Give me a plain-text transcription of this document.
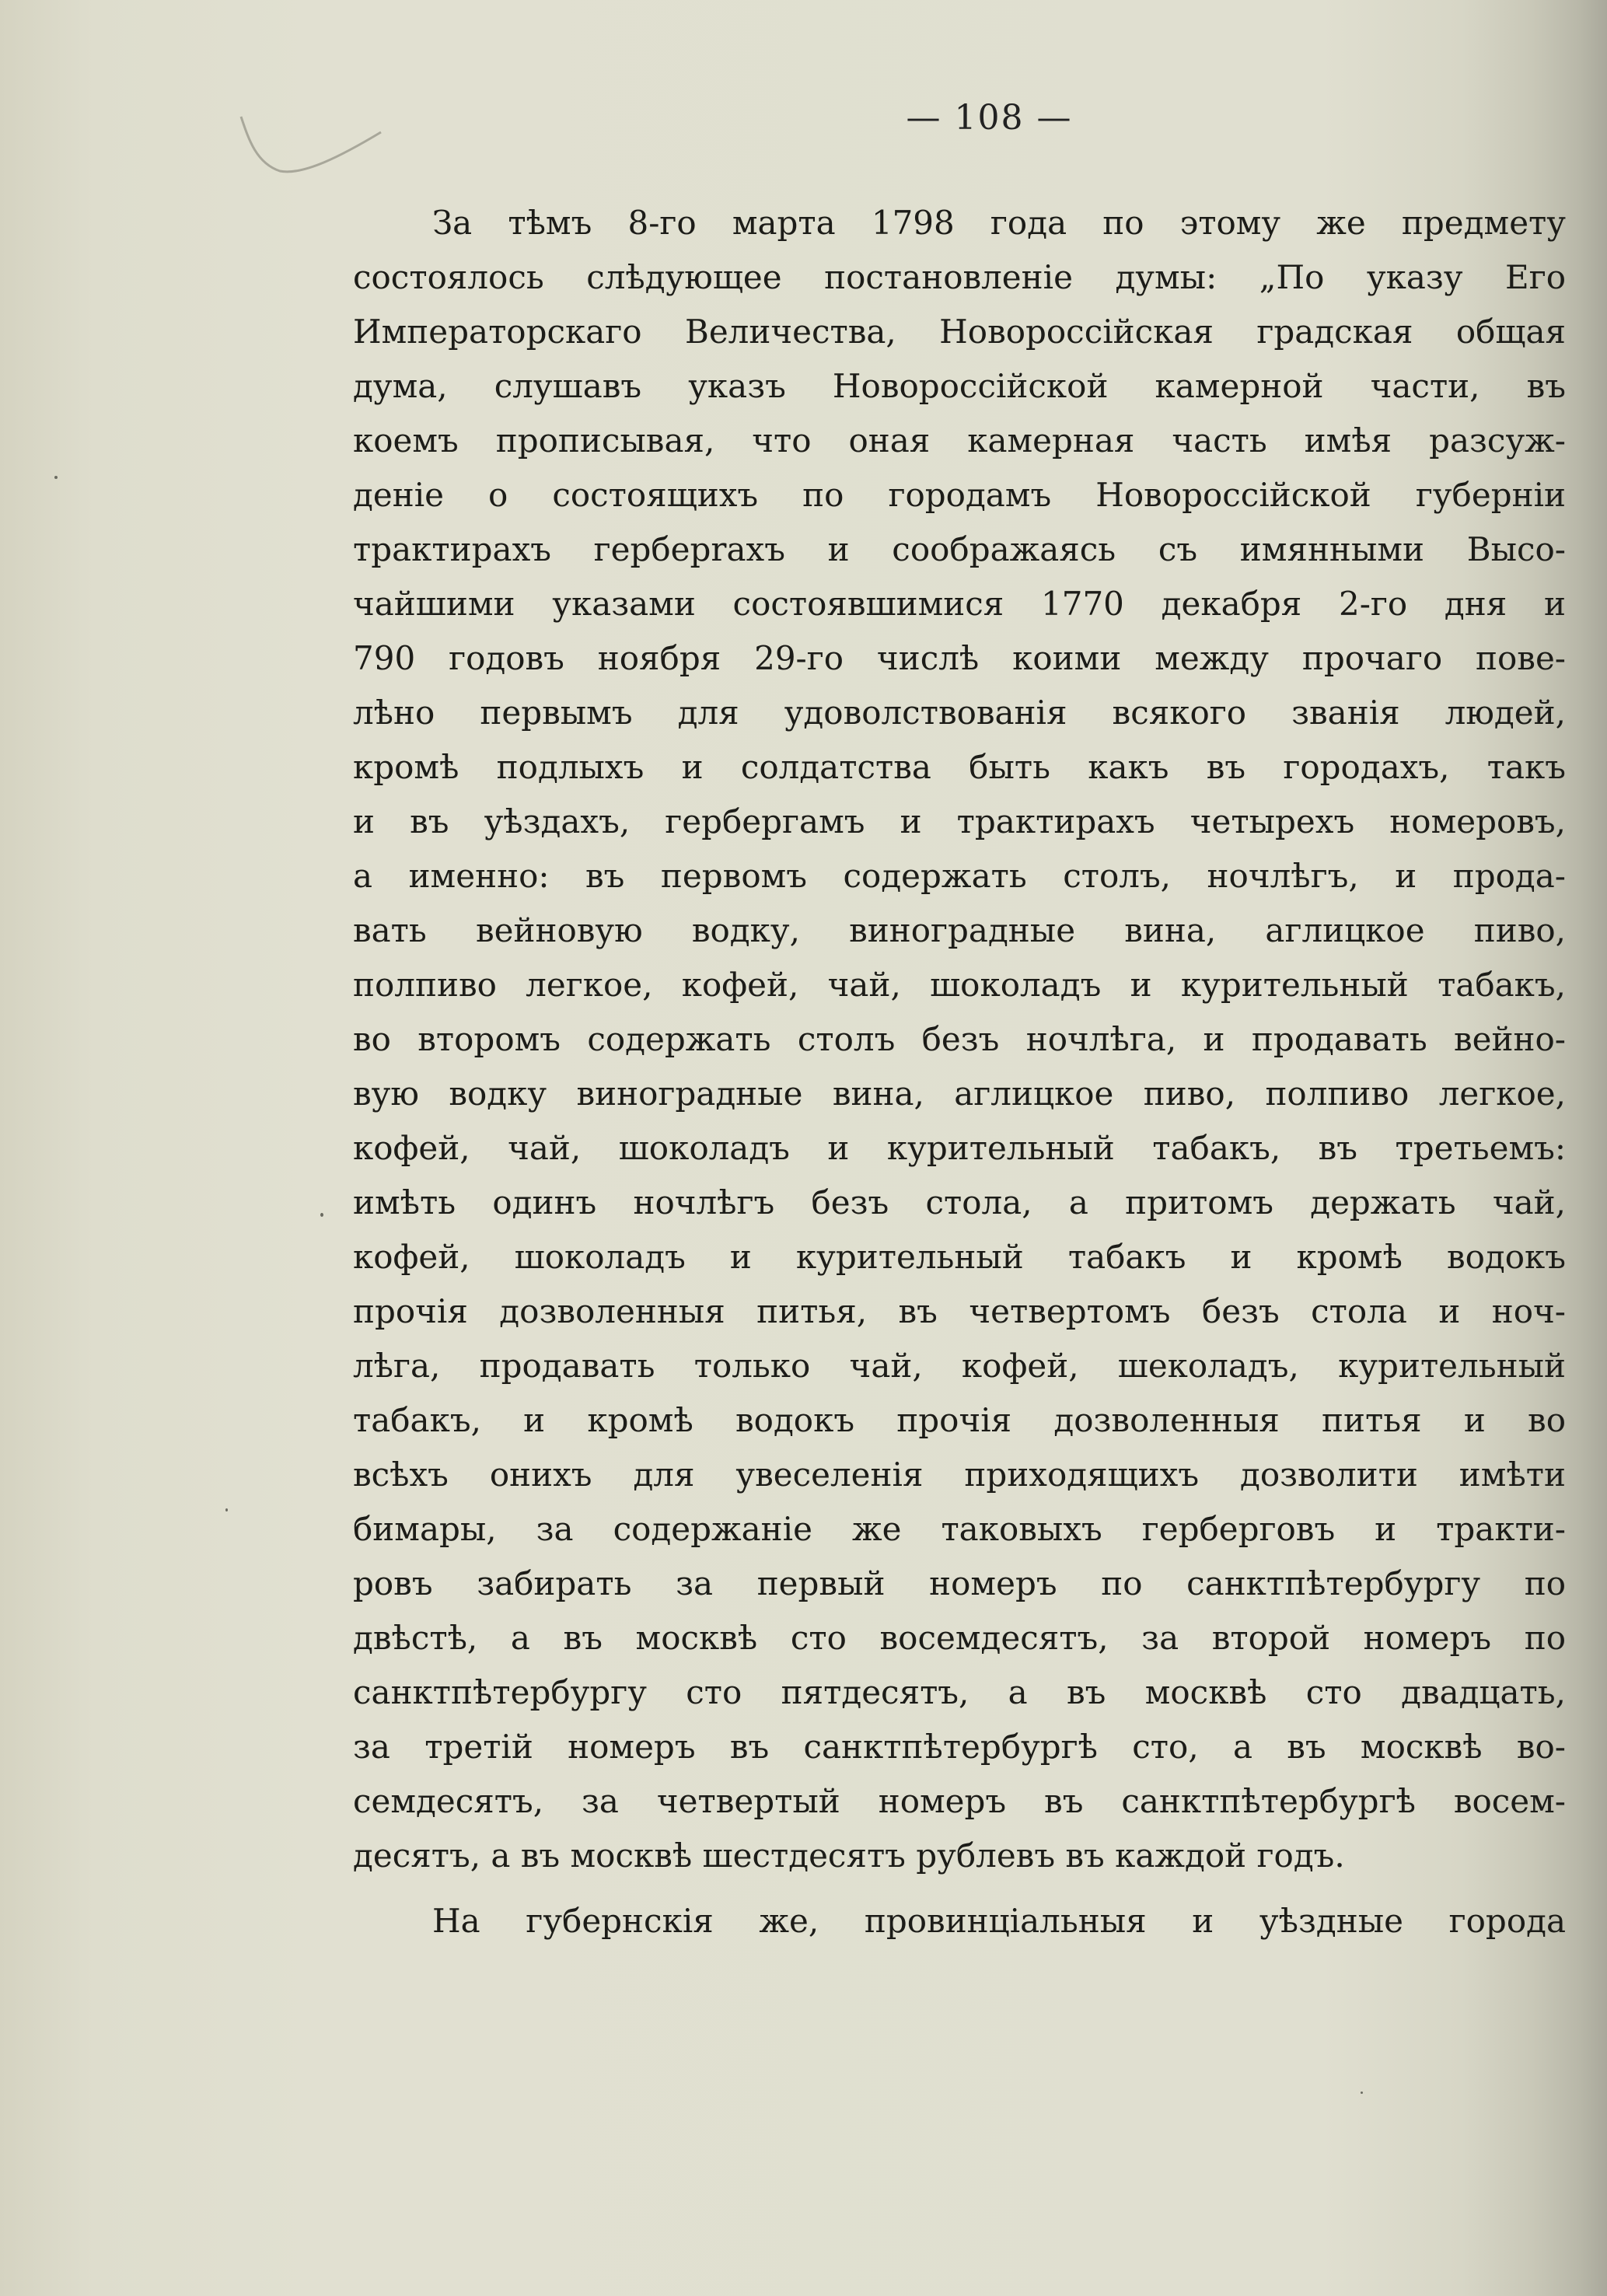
— 108 —
За тѣмъ 8-го марта 1798 года по этому же предмету
состоялось слѣдующее постановленіе думы: „По указу Его
Императорскаго Величества, Новороссійская градская общая
дума, слушавъ указъ Новороссійской камерной части, въ
коемъ прописывая, что оная камерная часть имѣя разсуж-
деніе о состоящихъ по городамъ Новороссійской губерніи
трактирахъ герберrахъ и соображаясь съ имянными Высо-
чайшими указами состоявшимися 1770 декабря 2-го дня и
790 годовъ ноября 29-го числѣ коими между прочаго пове-
лѣно первымъ для удоволствованія всякого званія людей,
кромѣ подлыхъ и солдатства быть какъ въ городахъ, такъ
и въ уѣздахъ, гербергамъ и трактирахъ четырехъ номеровъ,
а именно: въ первомъ содержать столъ, ночлѣгъ, и прода-
вать вейновую водку, виноградные вина, аглицкое пиво,
полпиво легкое, кофей, чай, шоколадъ и курительный табакъ,
во второмъ содержать столъ безъ ночлѣга, и продавать вейно-
вую водку виноградные вина, аглицкое пиво, полпиво легкое,
кофей, чай, шоколадъ и курительный табакъ, въ третьемъ:
имѣть одинъ ночлѣгъ безъ стола, а притомъ держать чай,
кофей, шоколадъ и курительный табакъ и кромѣ водокъ
прочія дозволенныя питья, въ четвертомъ безъ стола и ноч-
лѣга, продавать только чай, кофей, шеколадъ, курительный
табакъ, и кромѣ водокъ прочія дозволенныя питья и во
всѣхъ онихъ для увеселенія приходящихъ дозволити имѣти
бимары, за содержаніе же таковыхъ герберговъ и тракти-
ровъ забирать за первый номеръ по санктпѣтербургу по
двѣстѣ, а въ москвѣ сто восемдесятъ, за второй номеръ по
санктпѣтербургу сто пятдесятъ, а въ москвѣ сто двадцать,
за третій номеръ въ санктпѣтербургѣ сто, а въ москвѣ во-
семдесятъ, за четвертый номеръ въ санктпѣтербургѣ восем-
десятъ, а въ москвѣ шестдесятъ рублевъ въ каждой годъ.
На губернскія же, провинціальныя и уѣздные города
